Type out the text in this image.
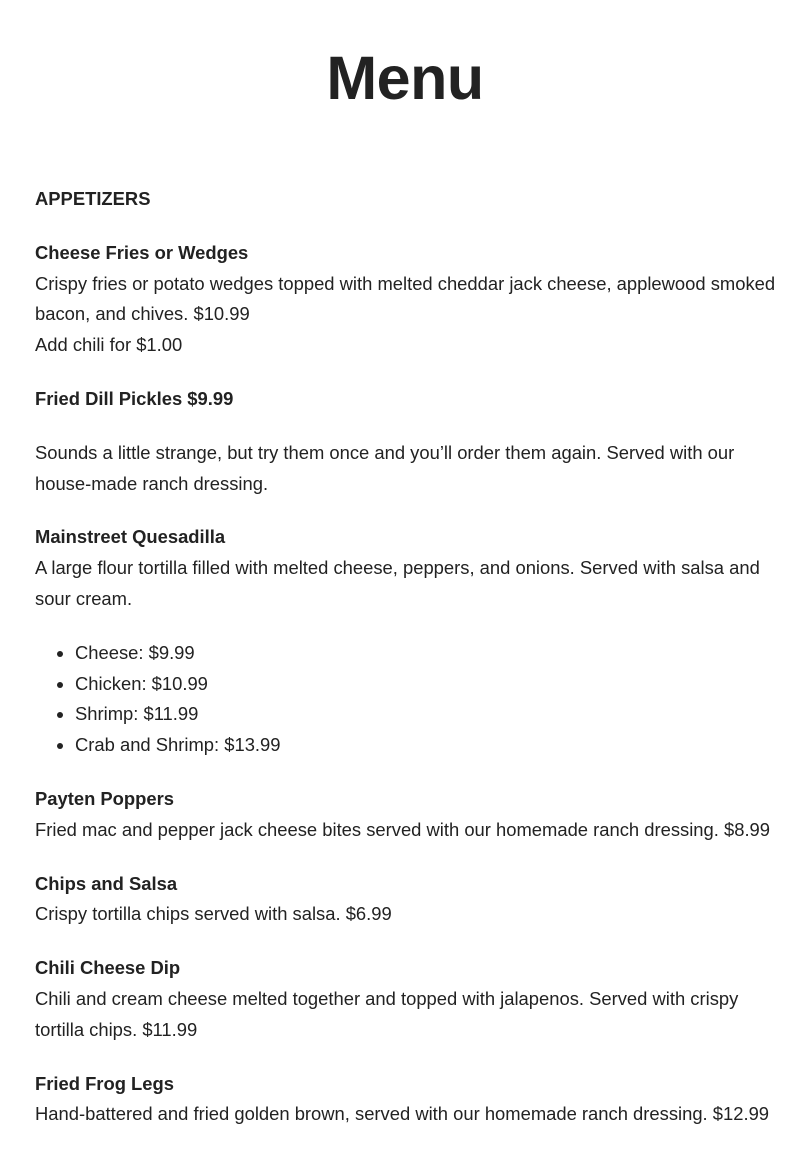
Menu

APPETIZERS

Cheese Fries or Wedges
Crispy fries or potato wedges topped with melted cheddar jack cheese, applewood smoked bacon, and chives. $10.99
Add chili for $1.00

Fried Dill Pickles $9.99

Sounds a little strange, but try them once and you’ll order them again. Served with our house-made ranch dressing.

Mainstreet Quesadilla
A large flour tortilla filled with melted cheese, peppers, and onions. Served with salsa and sour cream.

• Cheese: $9.99
• Chicken: $10.99
• Shrimp: $11.99
• Crab and Shrimp: $13.99

Payten Poppers
Fried mac and pepper jack cheese bites served with our homemade ranch dressing. $8.99

Chips and Salsa
Crispy tortilla chips served with salsa. $6.99

Chili Cheese Dip
Chili and cream cheese melted together and topped with jalapenos. Served with crispy tortilla chips. $11.99

Fried Frog Legs
Hand-battered and fried golden brown, served with our homemade ranch dressing. $12.99
